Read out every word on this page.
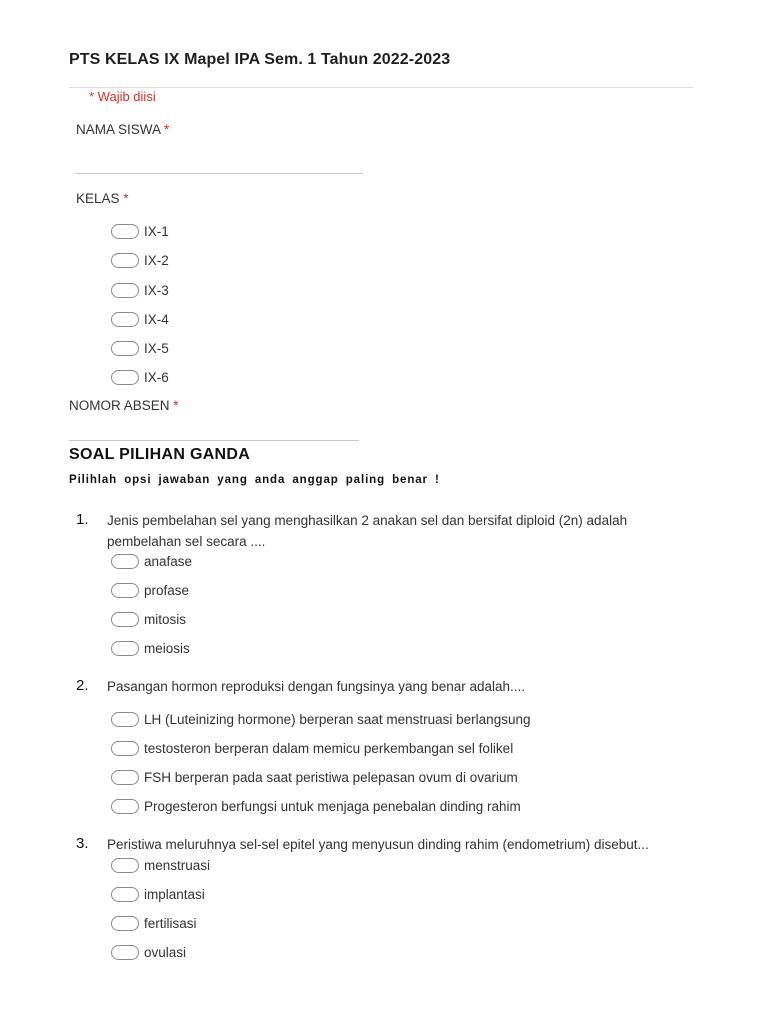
PTS KELAS IX Mapel IPA Sem. 1 Tahun 2022-2023
* Wajib diisi
NAMA SISWA *
KELAS *
IX-1
IX-2
IX-3
IX-4
IX-5
IX-6
NOMOR ABSEN *
SOAL PILIHAN GANDA
Pilihlah opsi jawaban yang anda anggap paling benar !
1. Jenis pembelahan sel yang menghasilkan 2 anakan sel dan bersifat diploid (2n) adalah pembelahan sel secara ....
anafase
profase
mitosis
meiosis
2. Pasangan hormon reproduksi dengan fungsinya yang benar adalah....
LH (Luteinizing hormone) berperan saat menstruasi berlangsung
testosteron berperan dalam memicu perkembangan sel folikel
FSH berperan pada saat peristiwa pelepasan ovum di ovarium
Progesteron berfungsi untuk menjaga penebalan dinding rahim
3. Peristiwa meluruhnya sel-sel epitel yang menyusun dinding rahim (endometrium) disebut...
menstruasi
implantasi
fertilisasi
ovulasi
